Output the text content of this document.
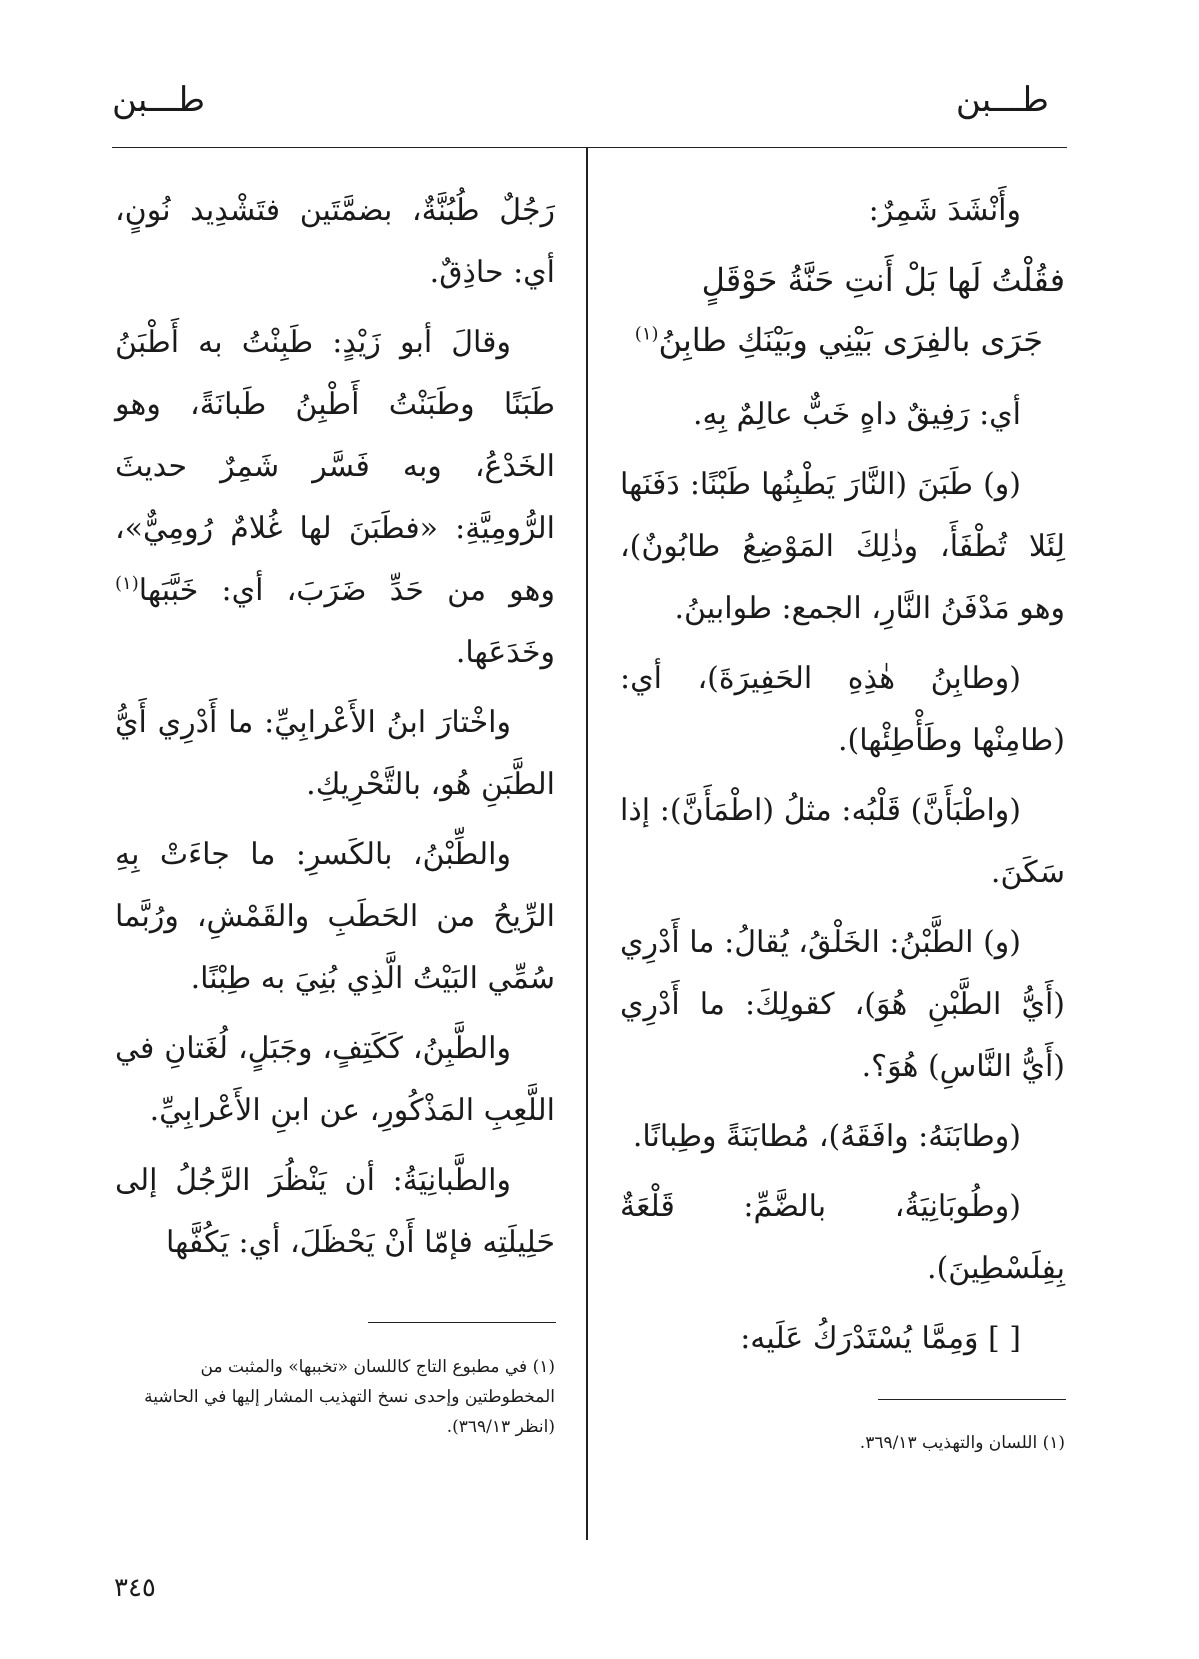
طـــبن
طـــبن

وأَنْشَدَ شَمِرٌ:

فقُلْتُ لَها بَلْ أَنتِ حَنَّةُ حَوْقَلٍ

جَرَى بالفِرَى بَيْنِي وبَيْنَكِ طابِنُ$^{(١)}$

أي: رَفِيقٌ داهٍ خَبٌّ عالِمٌ بِهِ.

(و) طَبَنَ (النَّارَ يَطْبِنُها طَبْنًا: دَفَنَها لِئَلا تُطْفَأَ، وذٰلِكَ المَوْضِعُ طابُونٌ)، وهو مَدْفَنُ النَّارِ، الجمع: طوابينُ.

(وطابِنُ هٰذِهِ الحَفِيرَةَ)، أي: (طامِنْها وطَأْطِئْها).

(واطْبَأَنَّ) قَلْبُه: مثلُ (اطْمَأَنَّ): إذا سَكَنَ.

(و) الطَّبْنُ: الخَلْقُ، يُقالُ: ما أَدْرِي (أَيُّ الطَّبْنِ هُوَ)، كقولِكَ: ما أَدْرِي (أَيُّ النَّاسِ) هُوَ؟.

(وطابَنَهُ: وافَقَهُ)، مُطابَنَةً وطِبانًا.

(وطُوبَانِيَةُ، بالضَّمِّ: قَلْعَةٌ بِفِلَسْطِينَ).

[ ] وَمِمَّا يُسْتَدْرَكُ عَلَيه:

رَجُلٌ طُبُنَّةٌ، بضمَّتَين فتَشْدِيد نُونٍ، أي: حاذِقٌ.

وقالَ أبو زَيْدٍ: طَبِنْتُ به أَطْبَنُ طَبَنًا وطَبَنْتُ أَطْبِنُ طَبانَةً، وهو الخَدْعُ، وبه فَسَّر شَمِرٌ حديثَ الرُّومِيَّةِ: «فطَبَنَ لها غُلامٌ رُومِيٌّ»، وهو من حَدِّ ضَرَبَ، أي: خَبَّبَها$^{(١)}$ وخَدَعَها.

واخْتارَ ابنُ الأَعْرابِيِّ: ما أَدْرِي أَيُّ الطَّبَنِ هُو، بالتَّحْرِيكِ.

والطِّبْنُ، بالكَسرِ: ما جاءَتْ بِهِ الرِّيحُ من الحَطَبِ والقَمْشِ، ورُبَّما سُمِّي البَيْتُ الَّذِي بُنِيَ به طِبْنًا.

والطَّبِنُ، كَكَتِفٍ، وجَبَلٍ، لُغَتانِ في اللَّعِبِ المَذْكُورِ، عن ابنِ الأَعْرابِيِّ.

والطَّبانِيَةُ: أن يَنْظُرَ الرَّجُلُ إلى حَلِيلَتِه فإمّا أَنْ يَحْظَلَ، أي: يَكُفَّها

(١) اللسان والتهذيب ٣٦٩/١٣.
(١) في مطبوع التاج كاللسان «تخببها» والمثبت من المخطوطتين وإحدى نسخ التهذيب المشار إليها في الحاشية (انظر ٣٦٩/١٣).
٣٤٥
